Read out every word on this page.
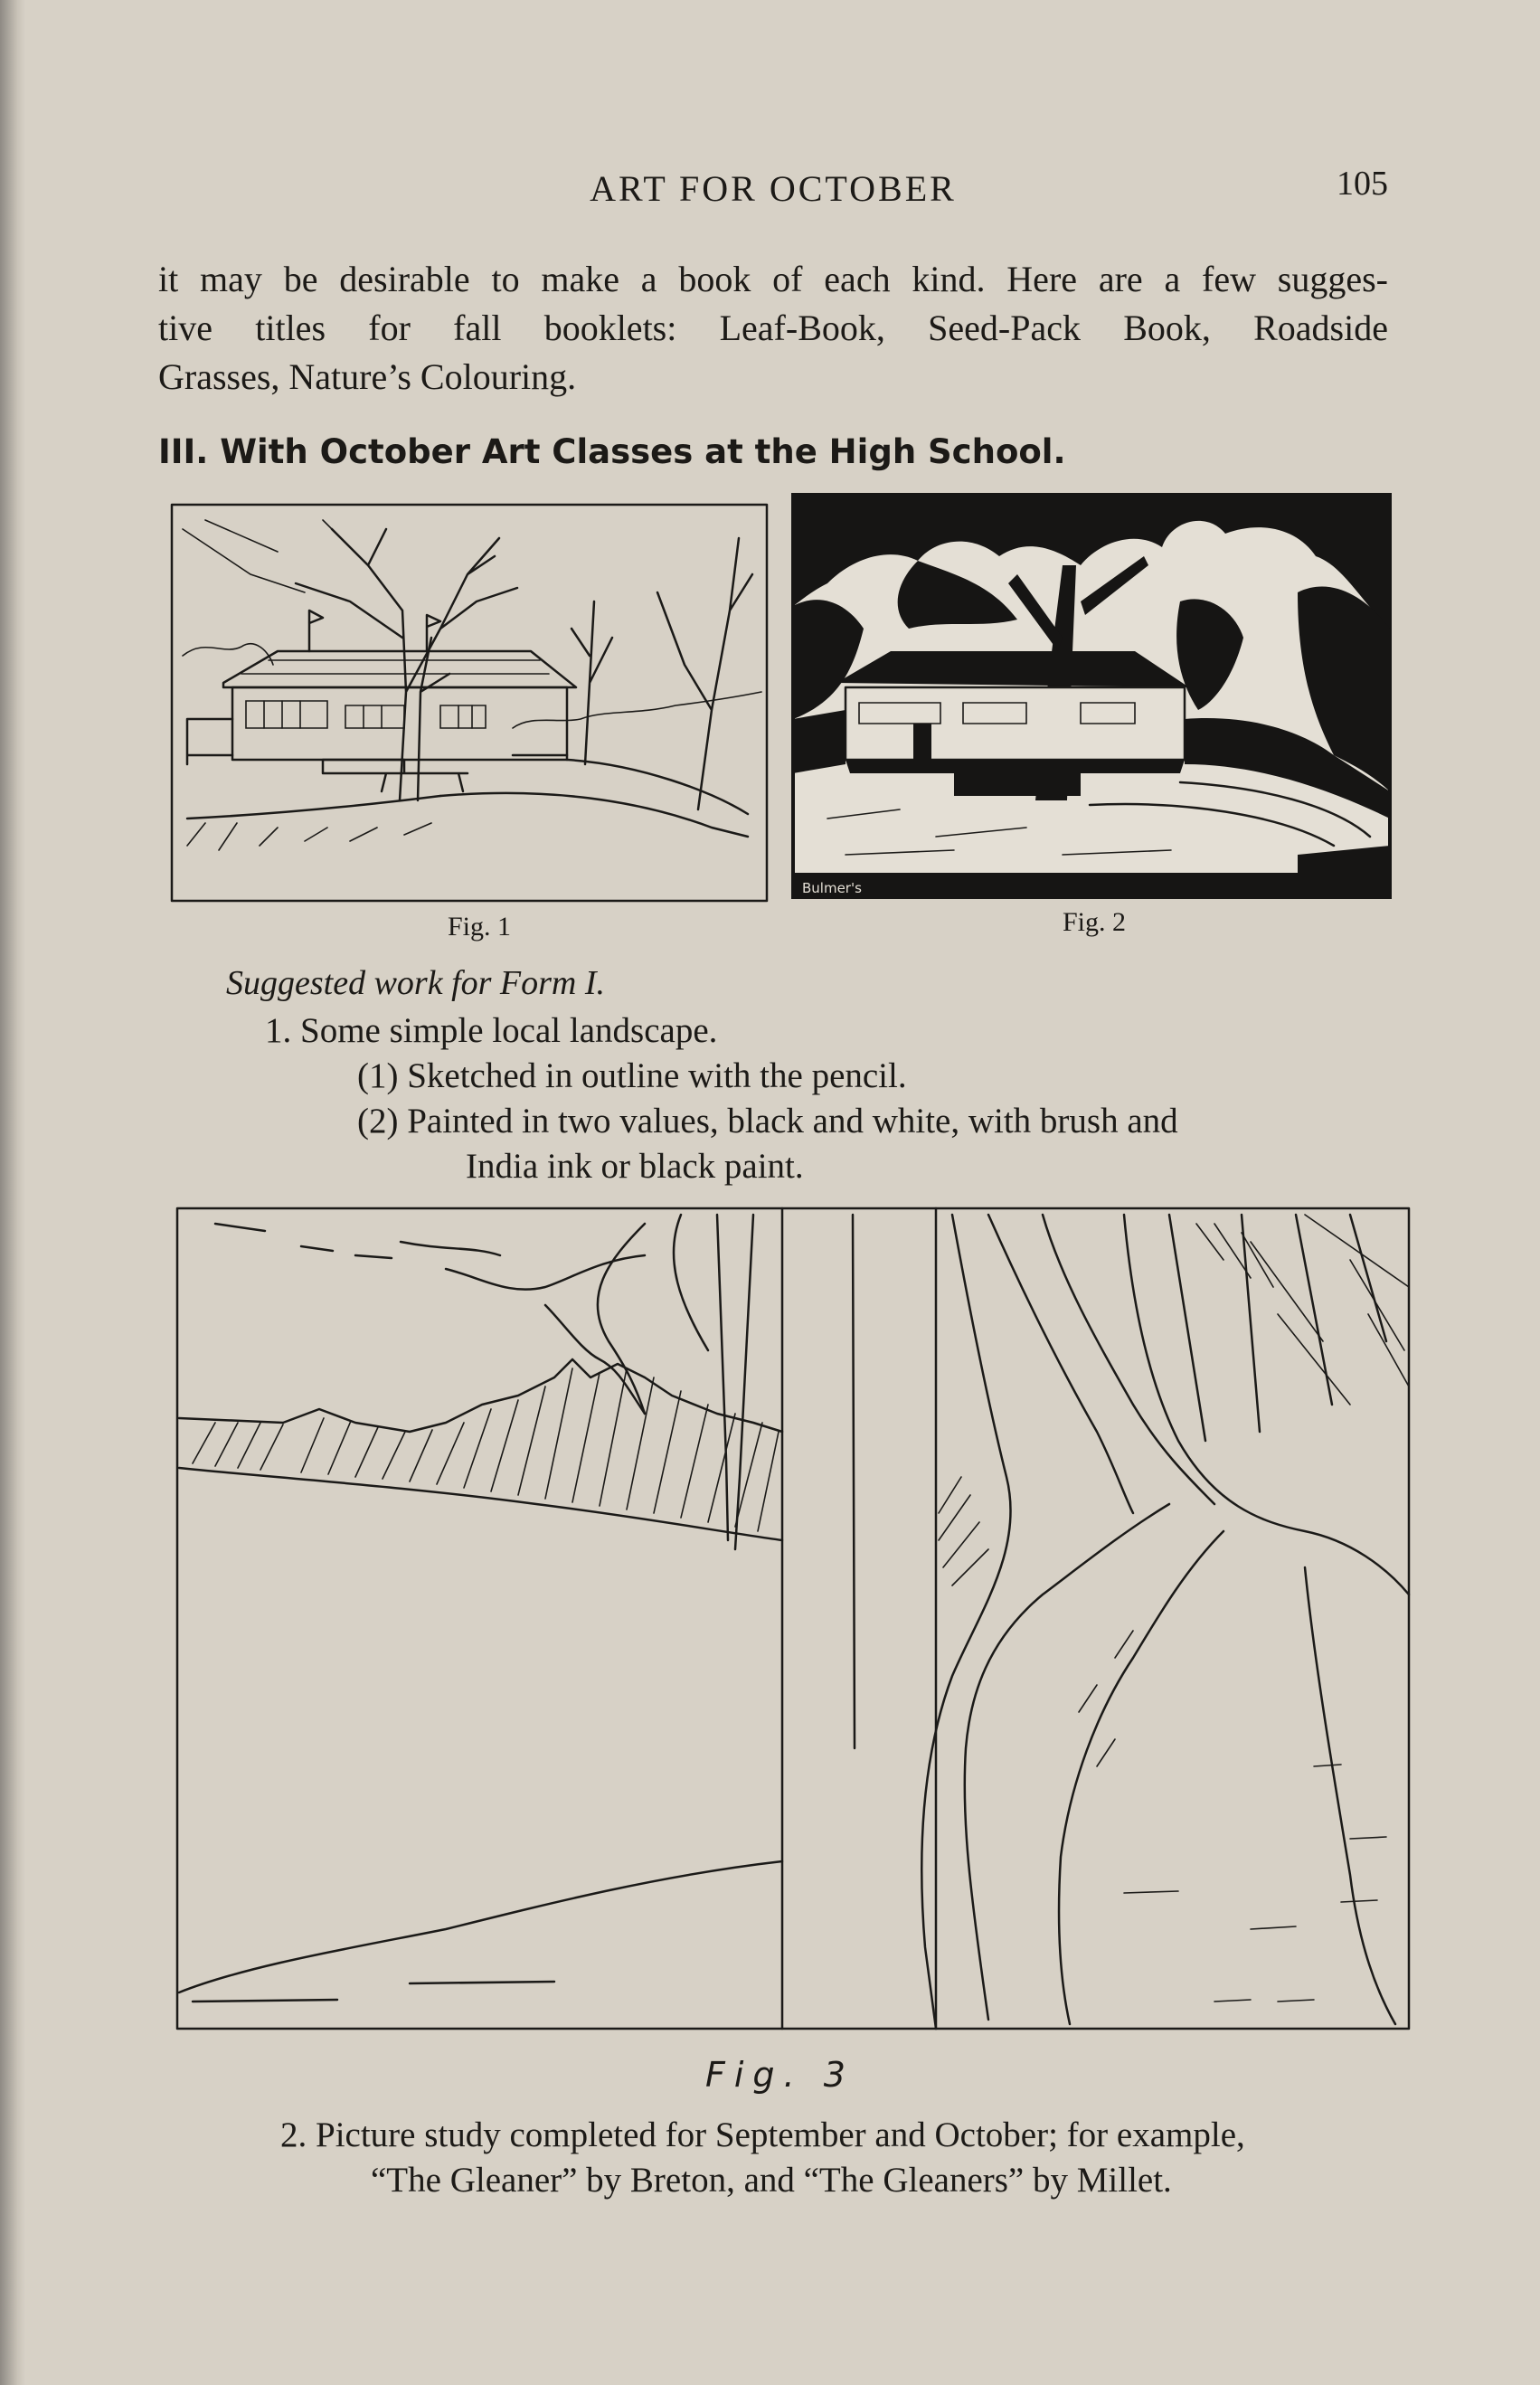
ART FOR OCTOBER	105
it may be desirable to make a book of each kind. Here are a few sugges-
tive titles for fall booklets: Leaf-Book, Seed-Pack Book, Roadside
Grasses, Nature’s Colouring.
III. With October Art Classes at the High School.
Fig. 1
Bulmer's
Fig. 2
Suggested work for Form I.
1. Some simple local landscape.
(1) Sketched in outline with the pencil.
(2) Painted in two values, black and white, with brush and
India ink or black paint.
Fig. 3
2. Picture study completed for September and October; for example,
“The Gleaner” by Breton, and “The Gleaners” by Millet.
